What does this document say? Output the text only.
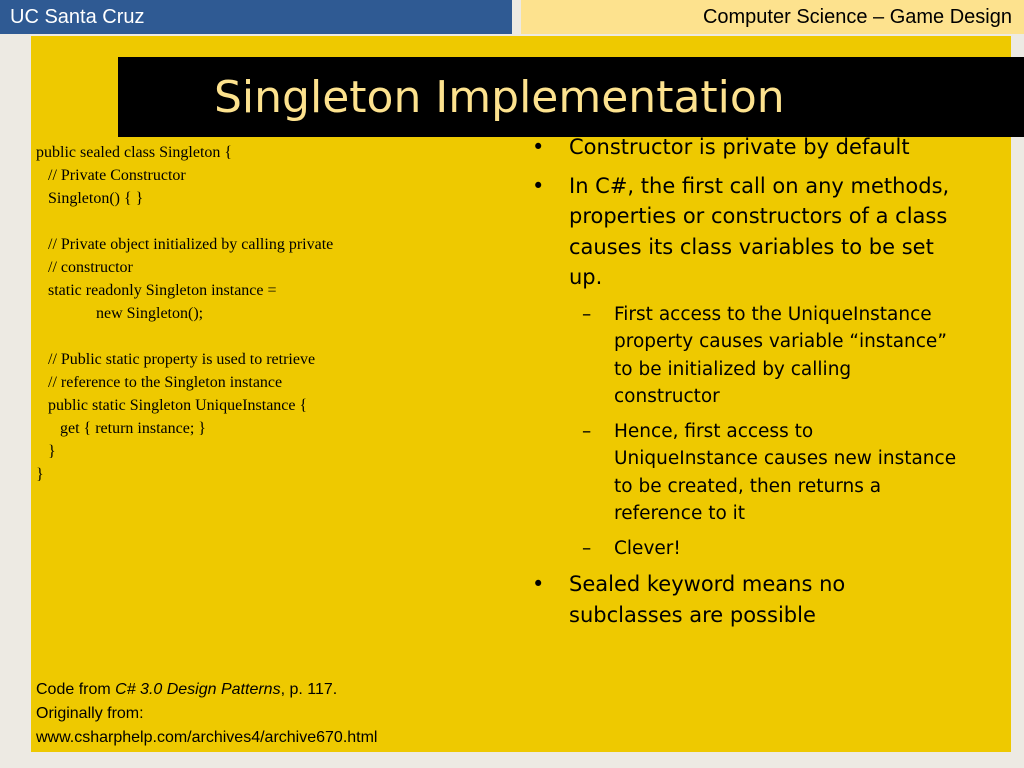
UC Santa Cruz	Computer Science – Game Design
Singleton Implementation
public sealed class Singleton {
// Private Constructor
Singleton() { }
// Private object initialized by calling private
// constructor
static readonly Singleton instance =
new Singleton();
// Public static property is used to retrieve
// reference to the Singleton instance
public static Singleton UniqueInstance {
get { return instance; }
}
}
• Constructor is private by default
• In C#, the first call on any methods, properties or constructors of a class causes its class variables to be set up.
– First access to the UniqueInstance property causes variable “instance” to be initialized by calling constructor
– Hence, first access to UniqueInstance causes new instance to be created, then returns a reference to it
– Clever!
• Sealed keyword means no subclasses are possible
Code from C# 3.0 Design Patterns, p. 117.
Originally from:
www.csharphelp.com/archives4/archive670.html
